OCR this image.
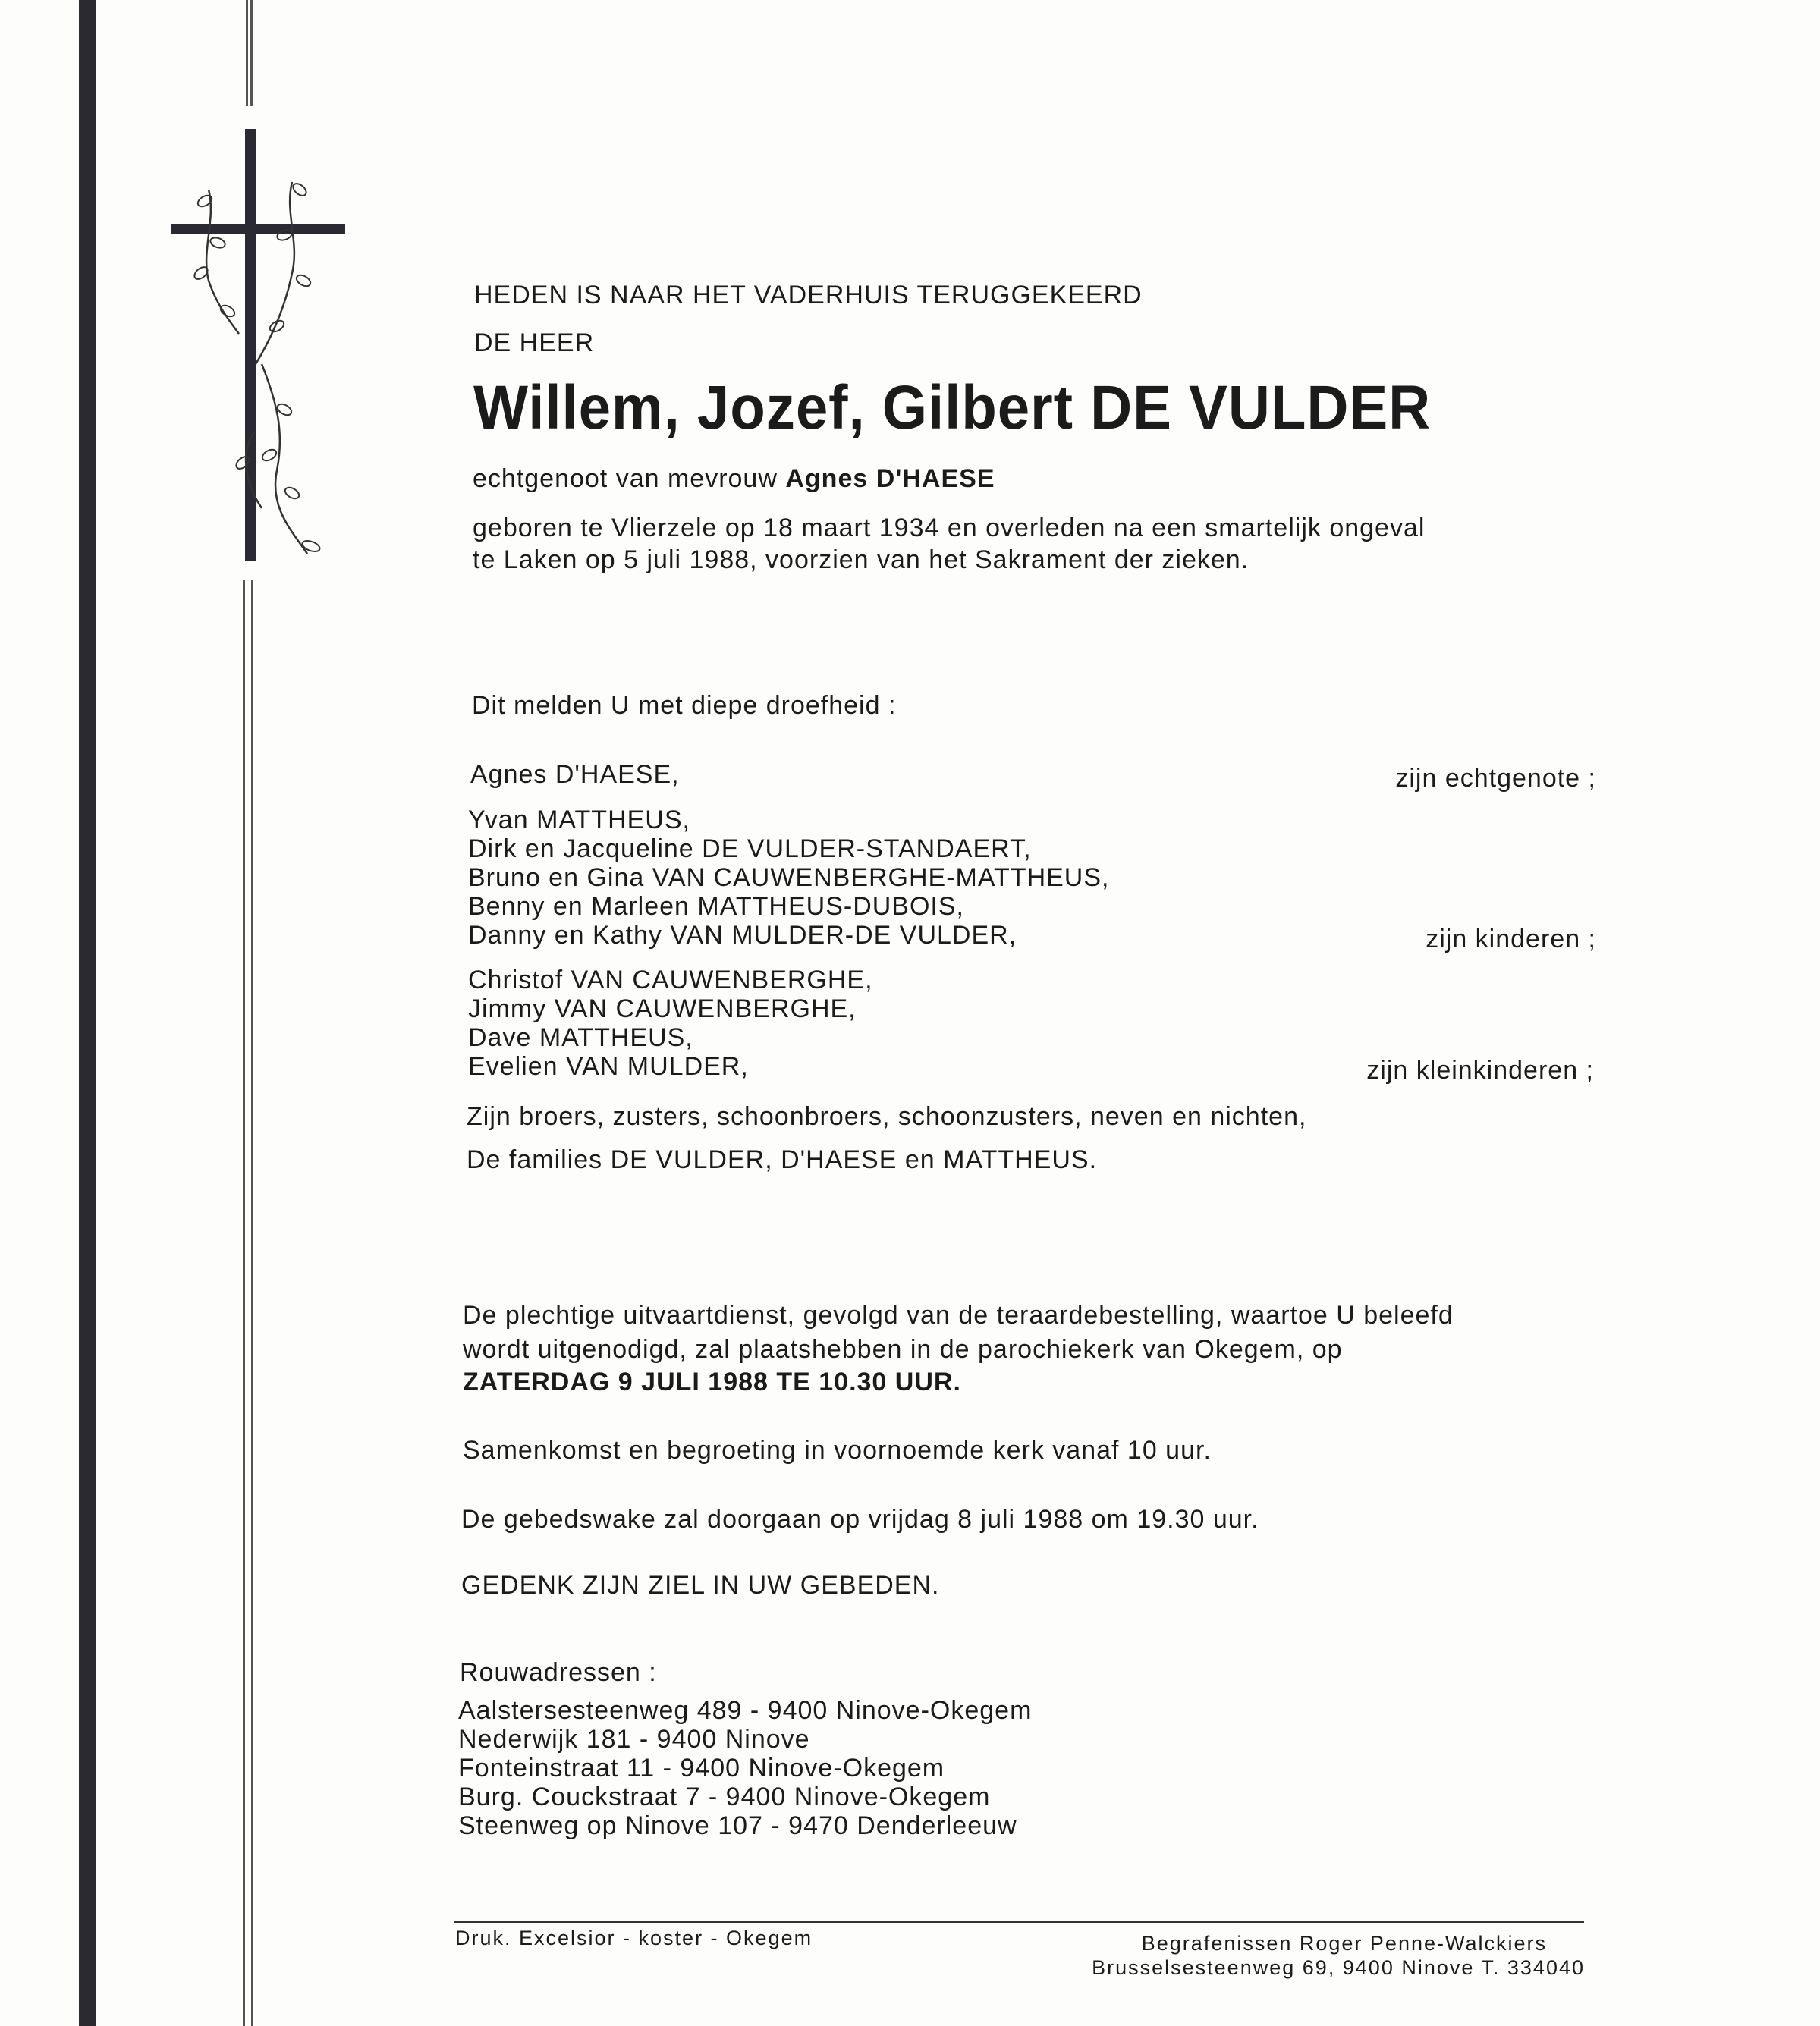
HEDEN IS NAAR HET VADERHUIS TERUGGEKEERD
DE HEER
Willem, Jozef, Gilbert DE VULDER
echtgenoot van mevrouw Agnes D'HAESE
geboren te Vlierzele op 18 maart 1934 en overleden na een smartelijk ongeval
te Laken op 5 juli 1988, voorzien van het Sakrament der zieken.
Dit melden U met diepe droefheid :
Agnes D'HAESE,	zijn echtgenote ;
Yvan MATTHEUS,
Dirk en Jacqueline DE VULDER-STANDAERT,
Bruno en Gina VAN CAUWENBERGHE-MATTHEUS,
Benny en Marleen MATTHEUS-DUBOIS,
Danny en Kathy VAN MULDER-DE VULDER,	zijn kinderen ;
Christof VAN CAUWENBERGHE,
Jimmy VAN CAUWENBERGHE,
Dave MATTHEUS,
Evelien VAN MULDER,	zijn kleinkinderen ;
Zijn broers, zusters, schoonbroers, schoonzusters, neven en nichten,
De families DE VULDER, D'HAESE en MATTHEUS.
De plechtige uitvaartdienst, gevolgd van de teraardebestelling, waartoe U beleefd
wordt uitgenodigd, zal plaatshebben in de parochiekerk van Okegem, op
ZATERDAG 9 JULI 1988 TE 10.30 UUR.
Samenkomst en begroeting in voornoemde kerk vanaf 10 uur.
De gebedswake zal doorgaan op vrijdag 8 juli 1988 om 19.30 uur.
GEDENK ZIJN ZIEL IN UW GEBEDEN.
Rouwadressen :
Aalstersesteenweg 489 - 9400 Ninove-Okegem
Nederwijk 181 - 9400 Ninove
Fonteinstraat 11 - 9400 Ninove-Okegem
Burg. Couckstraat 7 - 9400 Ninove-Okegem
Steenweg op Ninove 107 - 9470 Denderleeuw
Druk. Excelsior - koster - Okegem	Begrafenissen Roger Penne-Walckiers
Brusselsesteenweg 69, 9400 Ninove T. 334040
